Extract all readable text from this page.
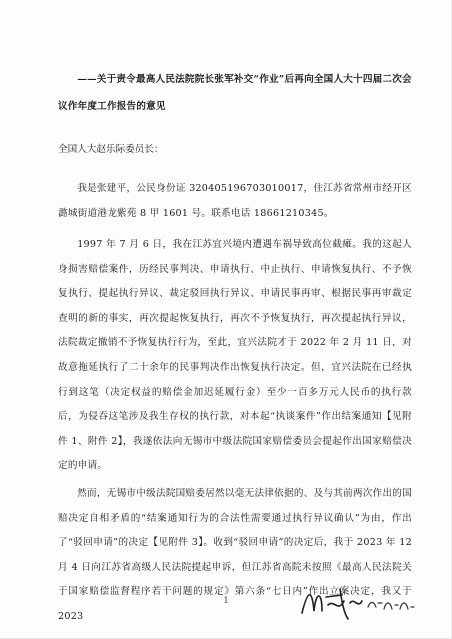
——关于责令最高人民法院院长张军补交“作业”后再向全国人大十四届二次会议作年度工作报告的意见
全国人大赵乐际委员长：
我是张建平，公民身份证 320405196703010017，住江苏省常州市经开区潞城街道港龙紫苑 8 甲 1601 号。联系电话 18661210345。
1997 年 7 月 6 日，我在江苏宜兴境内遭遇车祸导致高位截瘫。我的这起人身损害赔偿案件，历经民事判决、申请执行、中止执行、申请恢复执行、不予恢复执行、提起执行异议、裁定驳回执行异议、申请民事再审、根据民事再审裁定查明的新的事实，再次提起恢复执行，再次不予恢复执行，再次提起执行异议，法院裁定撤销不予恢复执行行为，至此，宜兴法院才于 2022 年 2 月 11 日，对故意拖延执行了二十余年的民事判决作出恢复执行决定。但，宜兴法院在已经执行到这笔（决定权益的赔偿金加迟延履行金）至少一百多万元人民币的执行款后，为侵吞这笔涉及我生存权的执行款，对本起“执谈案件”作出结案通知【见附件 1、附件 2】，我遂依法向无锡市中级法院国家赔偿委员会提起作出国家赔偿决定的申请。
然而，无锡市中级法院国赔委居然以毫无法律依据的、及与其前两次作出的国赔决定自相矛盾的“结案通知行为的合法性需要通过执行异议确认”为由，作出了“驳回申请”的决定【见附件 3】。收到“驳回申请”的决定后，我于 2023 年 12 月 4 日向江苏省高级人民法院提起申诉，但江苏省高院未按照《最高人民法院关于国家赔偿监督程序若干问题的规定》第六条“七日内”作出立案决定，我又于 2023
1
